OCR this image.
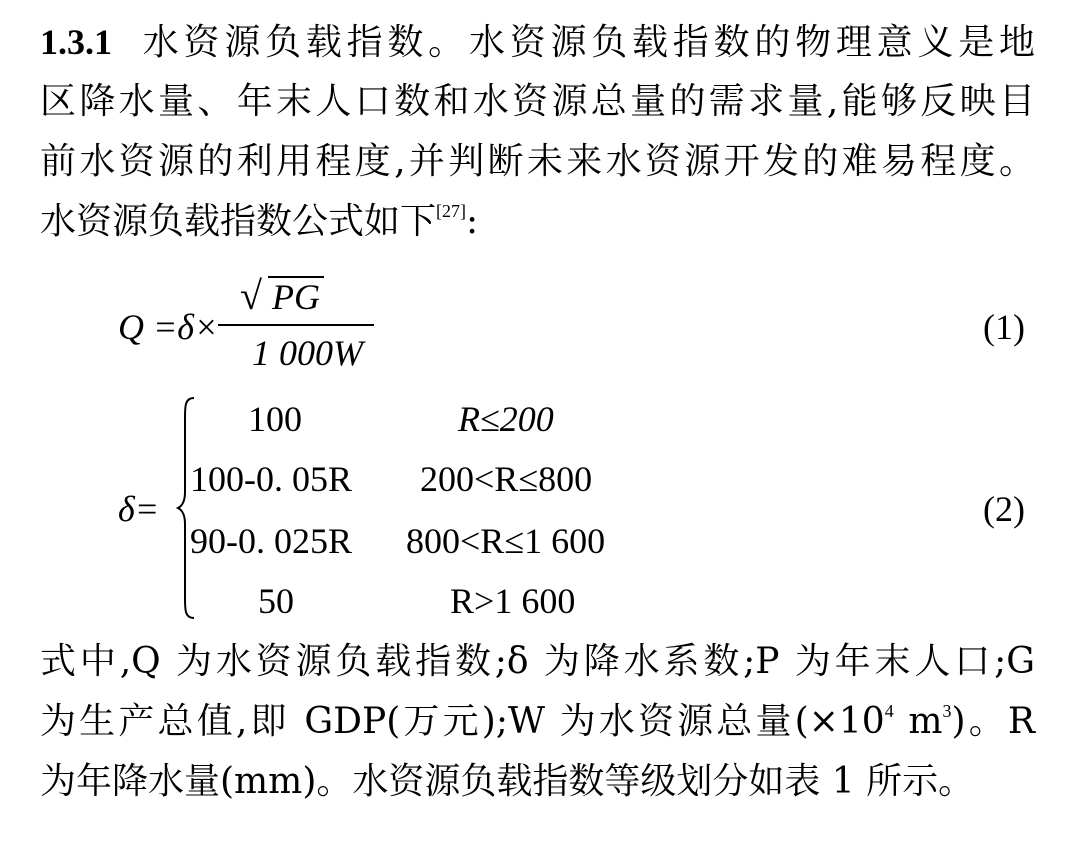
1.3.1 水资源负载指数。水资源负载指数的物理意义是地
区降水量、年末人口数和水资源总量的需求量,能够反映目
前水资源的利用程度,并判断未来水资源开发的难易程度。
水资源负载指数公式如下[27]:
Q =δ×
√ PG
1 000W
(1)
δ=
100	R≤200
100-0. 05R 200<R≤800
90-0. 025R 800<R≤1 600
50	R>1 600
(2)
式中,Q 为水资源负载指数;δ 为降水系数;P 为年末人口;G
为生产总值,即 GDP(万元);W 为水资源总量($\times 10^4$ $m^3$)。R
为年降水量(mm)。水资源负载指数等级划分如表 1 所示。
